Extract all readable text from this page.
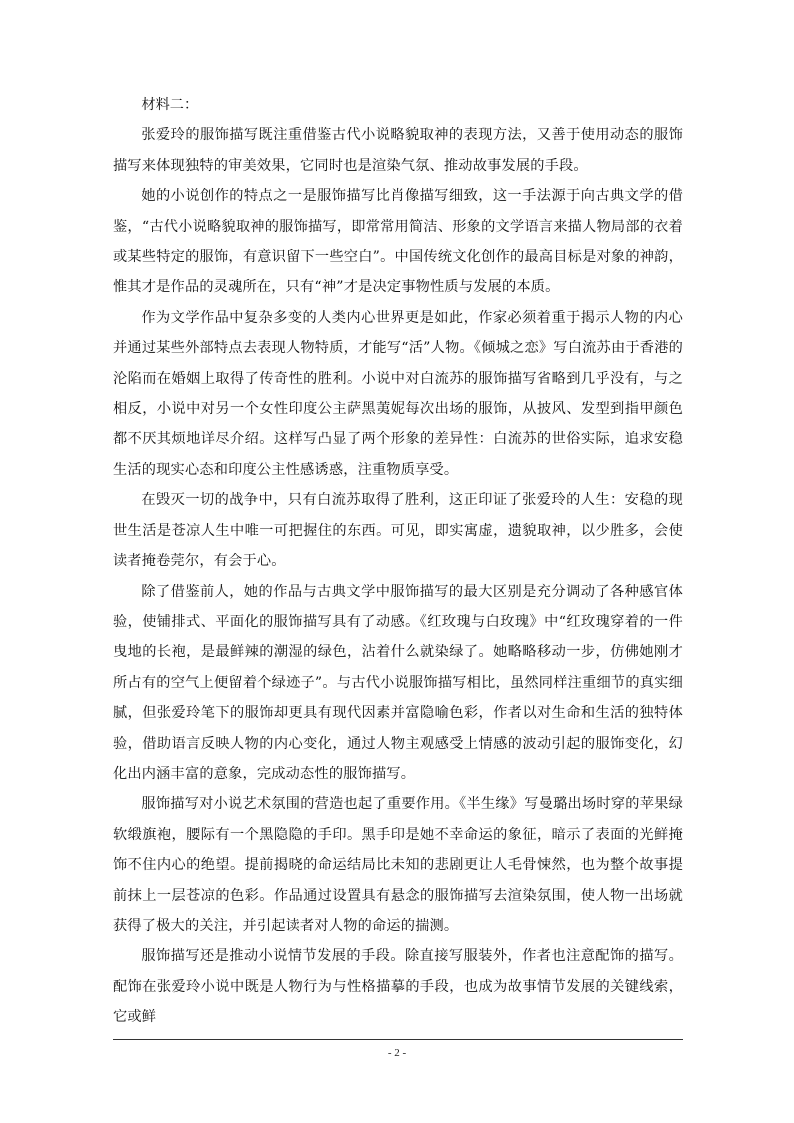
材料二：

张爱玲的服饰描写既注重借鉴古代小说略貌取神的表现方法，又善于使用动态的服饰描写来体现独特的审美效果，它同时也是渲染气氛、推动故事发展的手段。

她的小说创作的特点之一是服饰描写比肖像描写细致，这一手法源于向古典文学的借鉴，“古代小说略貌取神的服饰描写，即常常用简洁、形象的文学语言来描人物局部的衣着或某些特定的服饰，有意识留下一些空白”。中国传统文化创作的最高目标是对象的神韵，惟其才是作品的灵魂所在，只有“神”才是决定事物性质与发展的本质。

作为文学作品中复杂多变的人类内心世界更是如此，作家必须着重于揭示人物的内心并通过某些外部特点去表现人物特质，才能写“活”人物。《倾城之恋》写白流苏由于香港的沦陷而在婚姻上取得了传奇性的胜利。小说中对白流苏的服饰描写省略到几乎没有，与之相反，小说中对另一个女性印度公主萨黑荑妮每次出场的服饰，从披风、发型到指甲颜色都不厌其烦地详尽介绍。这样写凸显了两个形象的差异性：白流苏的世俗实际，追求安稳生活的现实心态和印度公主性感诱惑，注重物质享受。

在毁灭一切的战争中，只有白流苏取得了胜利，这正印证了张爱玲的人生：安稳的现世生活是苍凉人生中唯一可把握住的东西。可见，即实寓虚，遗貌取神，以少胜多，会使读者掩卷莞尔，有会于心。

除了借鉴前人，她的作品与古典文学中服饰描写的最大区别是充分调动了各种感官体验，使铺排式、平面化的服饰描写具有了动感。《红玫瑰与白玫瑰》中“红玫瑰穿着的一件曳地的长袍，是最鲜辣的潮湿的绿色，沾着什么就染绿了。她略略移动一步，仿佛她刚才所占有的空气上便留着个绿迹子”。与古代小说服饰描写相比，虽然同样注重细节的真实细腻，但张爱玲笔下的服饰却更具有现代因素并富隐喻色彩，作者以对生命和生活的独特体验，借助语言反映人物的内心变化，通过人物主观感受上情感的波动引起的服饰变化，幻化出内涵丰富的意象，完成动态性的服饰描写。

服饰描写对小说艺术氛围的营造也起了重要作用。《半生缘》写曼璐出场时穿的苹果绿软缎旗袍，腰际有一个黑隐隐的手印。黑手印是她不幸命运的象征，暗示了表面的光鲜掩饰不住内心的绝望。提前揭晓的命运结局比未知的悲剧更让人毛骨悚然，也为整个故事提前抹上一层苍凉的色彩。作品通过设置具有悬念的服饰描写去渲染氛围，使人物一出场就获得了极大的关注，并引起读者对人物的命运的揣测。

服饰描写还是推动小说情节发展的手段。除直接写服装外，作者也注意配饰的描写。配饰在张爱玲小说中既是人物行为与性格描摹的手段，也成为故事情节发展的关键线索，它或鲜

- 2 -
